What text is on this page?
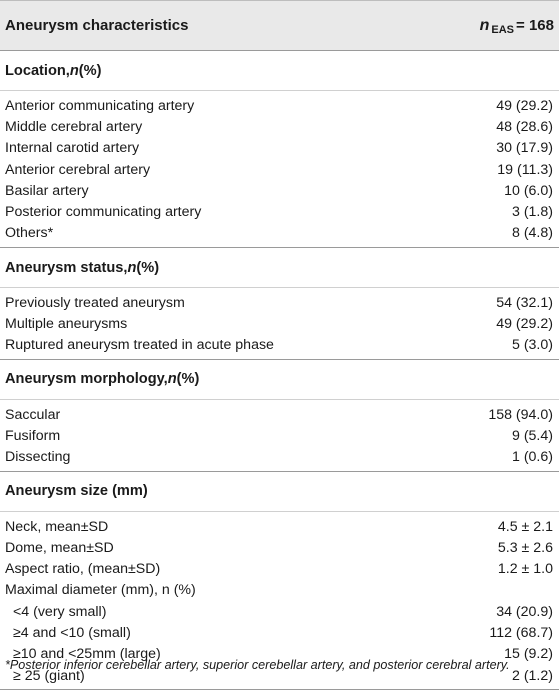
Aneurysm characteristics	n $_{EAS}$ = 168
Location, n (%)
Anterior communicating artery	49 (29.2)
Middle cerebral artery	48 (28.6)
Internal carotid artery	30 (17.9)
Anterior cerebral artery	19 (11.3)
Basilar artery	10 (6.0)
Posterior communicating artery	3 (1.8)
Others*	8 (4.8)
Aneurysm status, n (%)
Previously treated aneurysm	54 (32.1)
Multiple aneurysms	49 (29.2)
Ruptured aneurysm treated in acute phase	5 (3.0)
Aneurysm morphology, n (%)
Saccular	158 (94.0)
Fusiform	9 (5.4)
Dissecting	1 (0.6)
Aneurysm size (mm)
Neck, mean±SD	4.5 ± 2.1
Dome, mean±SD	5.3 ± 2.6
Aspect ratio, (mean±SD)	1.2 ± 1.0
Maximal diameter (mm), n (%)
<4 (very small)	34 (20.9)
≥4 and <10 (small)	112 (68.7)
≥10 and <25mm (large)	15 (9.2)
≥ 25 (giant)	2 (1.2)
*Posterior inferior cerebellar artery, superior cerebellar artery, and posterior cerebral artery.
